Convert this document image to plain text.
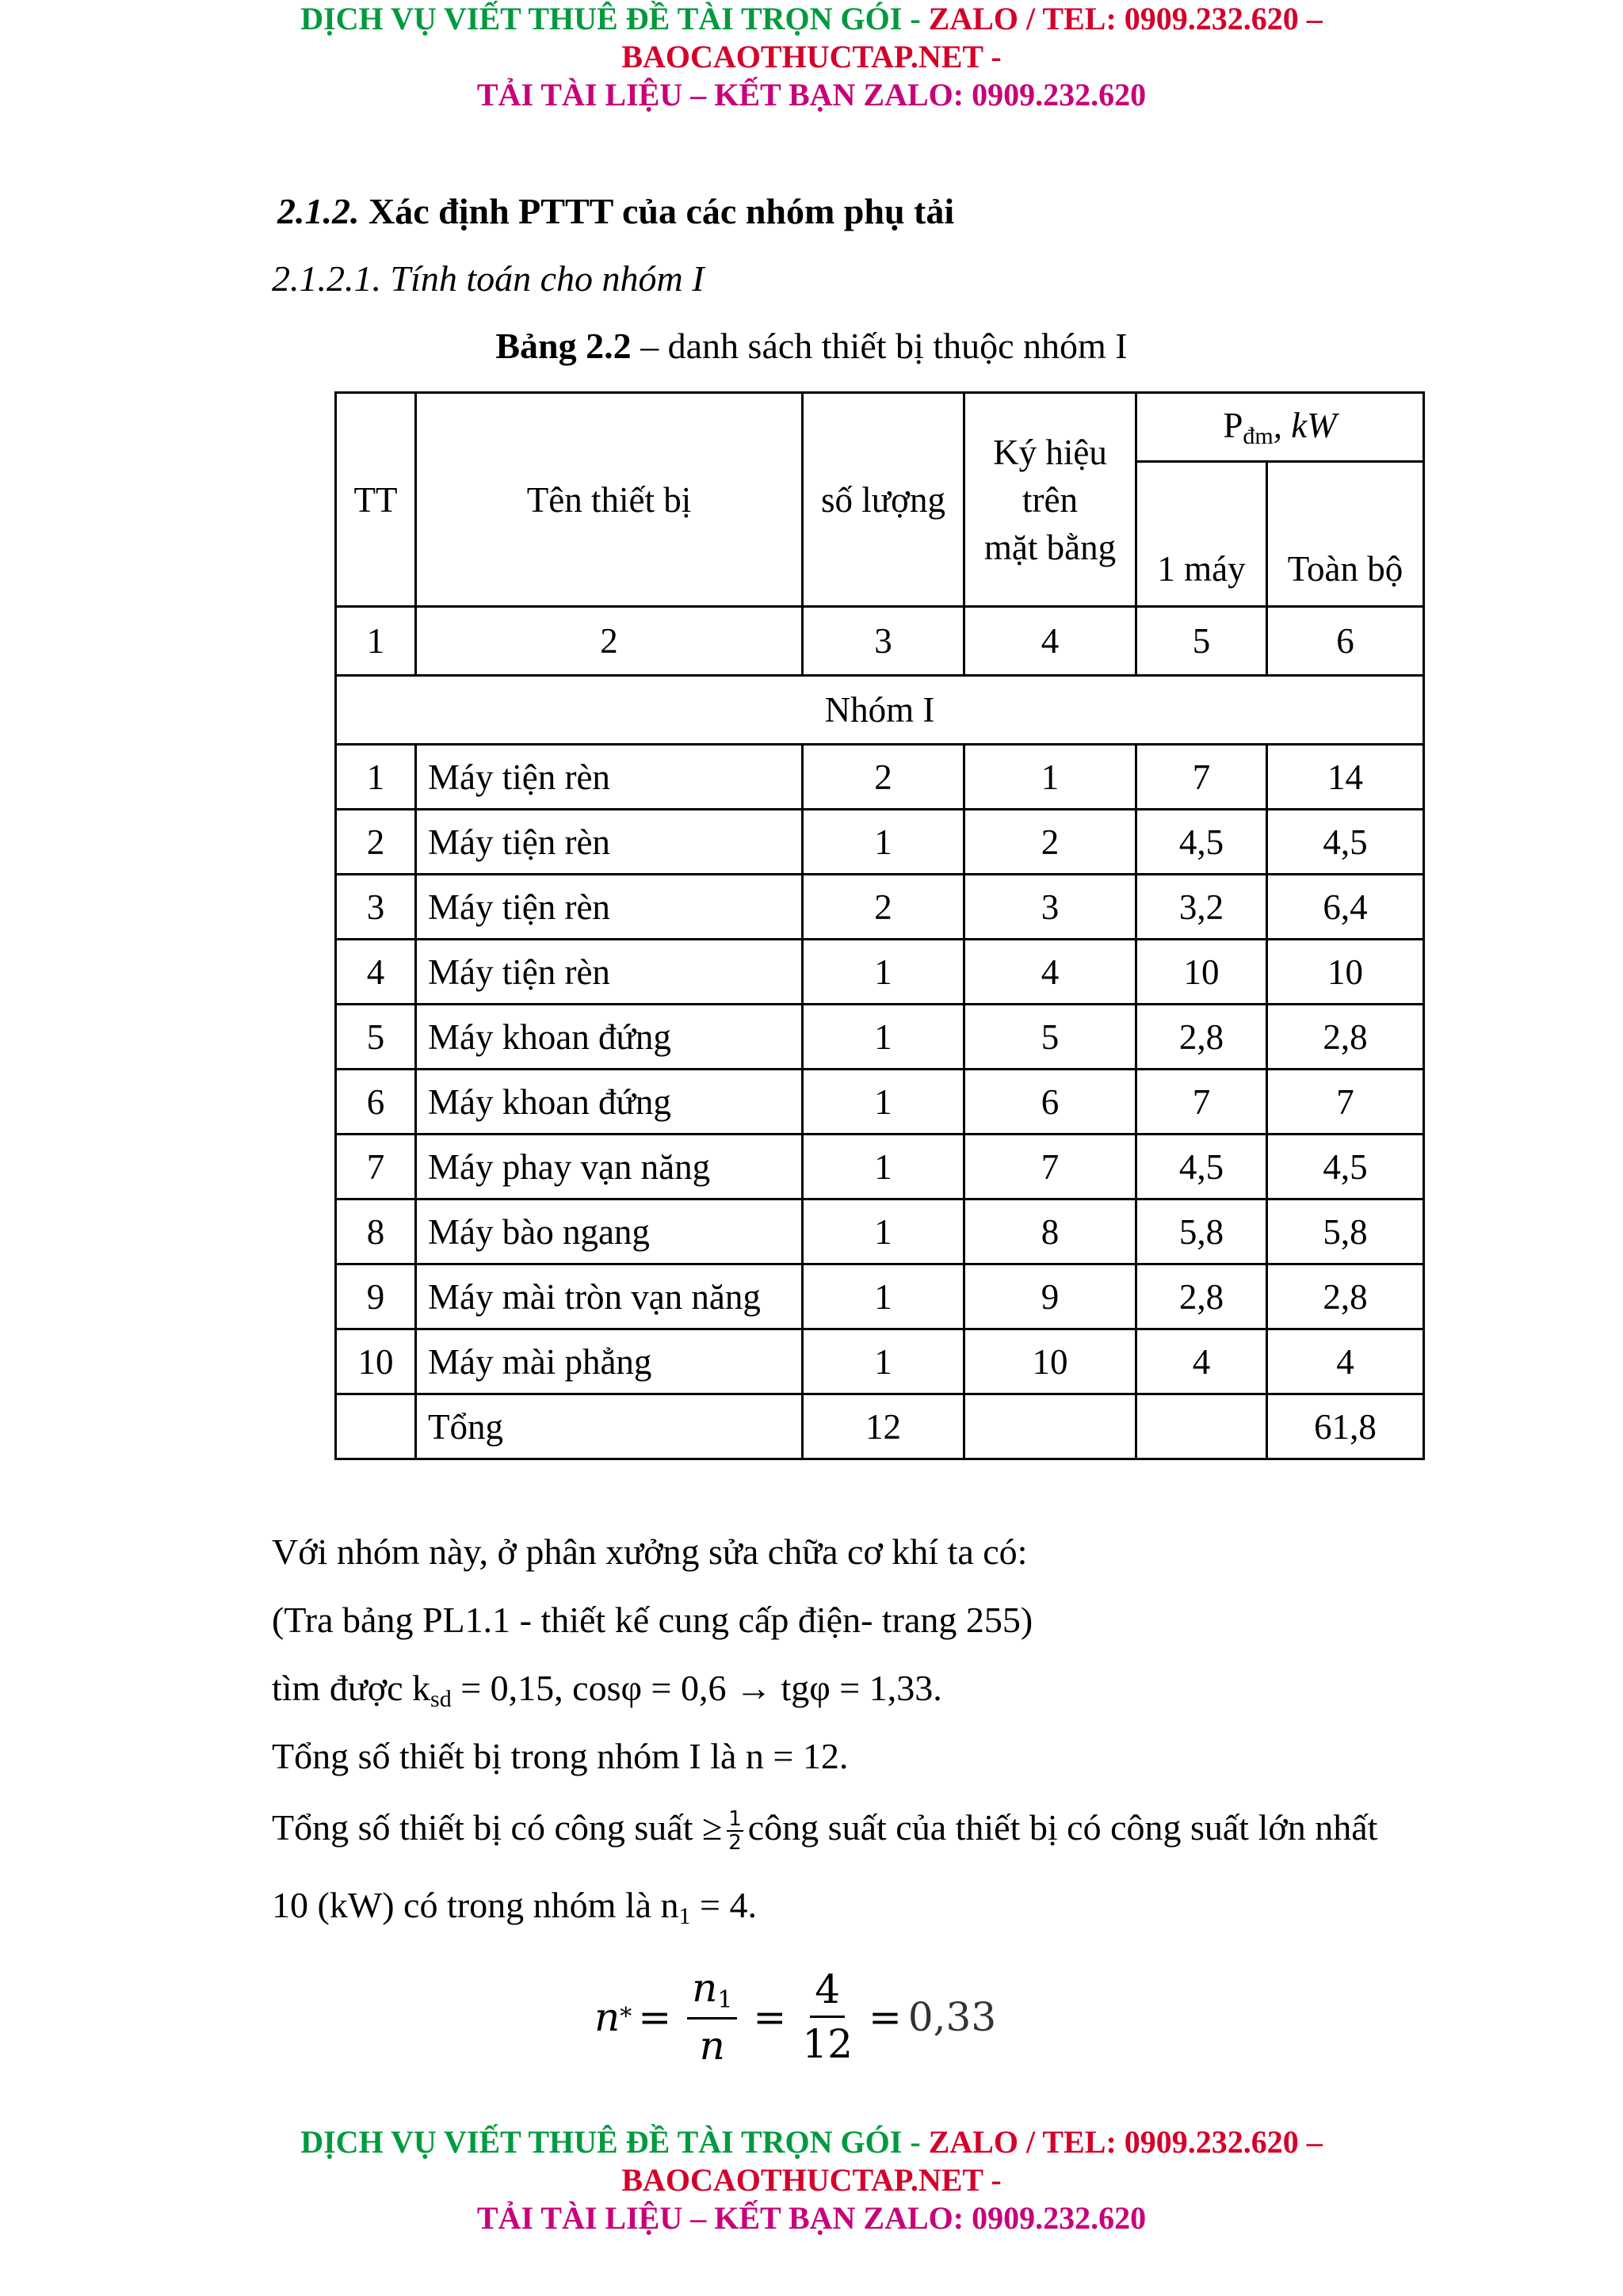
DỊCH VỤ VIẾT THUÊ ĐỀ TÀI TRỌN GÓI - ZALO / TEL: 0909.232.620 –
BAOCAOTHUCTAP.NET -
TẢI TÀI LIỆU – KẾT BẠN ZALO: 0909.232.620
2.1.2. Xác định PTTT của các nhóm phụ tải
2.1.2.1. Tính toán cho nhóm I
Bảng 2.2 – danh sách thiết bị thuộc nhóm I
TT	Tên thiết bị	số lượng	Ký hiệu
trên
mặt bằng	$P_{đm}$, kW	
				1 máy	Toàn bộ
1	2	3	4	5	6
Nhóm I					
1	Máy tiện rèn	2	1	7	14
2	Máy tiện rèn	1	2	4,5	4,5
3	Máy tiện rèn	2	3	3,2	6,4
4	Máy tiện rèn	1	4	10	10
5	Máy khoan đứng	1	5	2,8	2,8
6	Máy khoan đứng	1	6	7	7
7	Máy phay vạn năng	1	7	4,5	4,5
8	Máy bào ngang	1	8	5,8	5,8
9	Máy mài tròn vạn năng	1	9	2,8	2,8
10	Máy mài phẳng	1	10	4	4
	Tổng	12			61,8
Với nhóm này, ở phân xưởng sửa chữa cơ khí ta có:
(Tra bảng PL1.1 - thiết kế cung cấp điện- trang 255)
tìm được $k_{sd} = 0,15$, cosφ = 0,6 → tgφ = 1,33.
Tổng số thiết bị trong nhóm I là n = 12.
Tổng số thiết bị có công suất ≥ $\frac{1}{2}$ công suất của thiết bị có công suất lớn nhất
10 (kW) có trong nhóm là $n_1 = 4$.
n * = $\frac{n_1}{n} = \frac{4}{12} = 0,33$
DỊCH VỤ VIẾT THUÊ ĐỀ TÀI TRỌN GÓI - ZALO / TEL: 0909.232.620 –
BAOCAOTHUCTAP.NET -
TẢI TÀI LIỆU – KẾT BẠN ZALO: 0909.232.620
